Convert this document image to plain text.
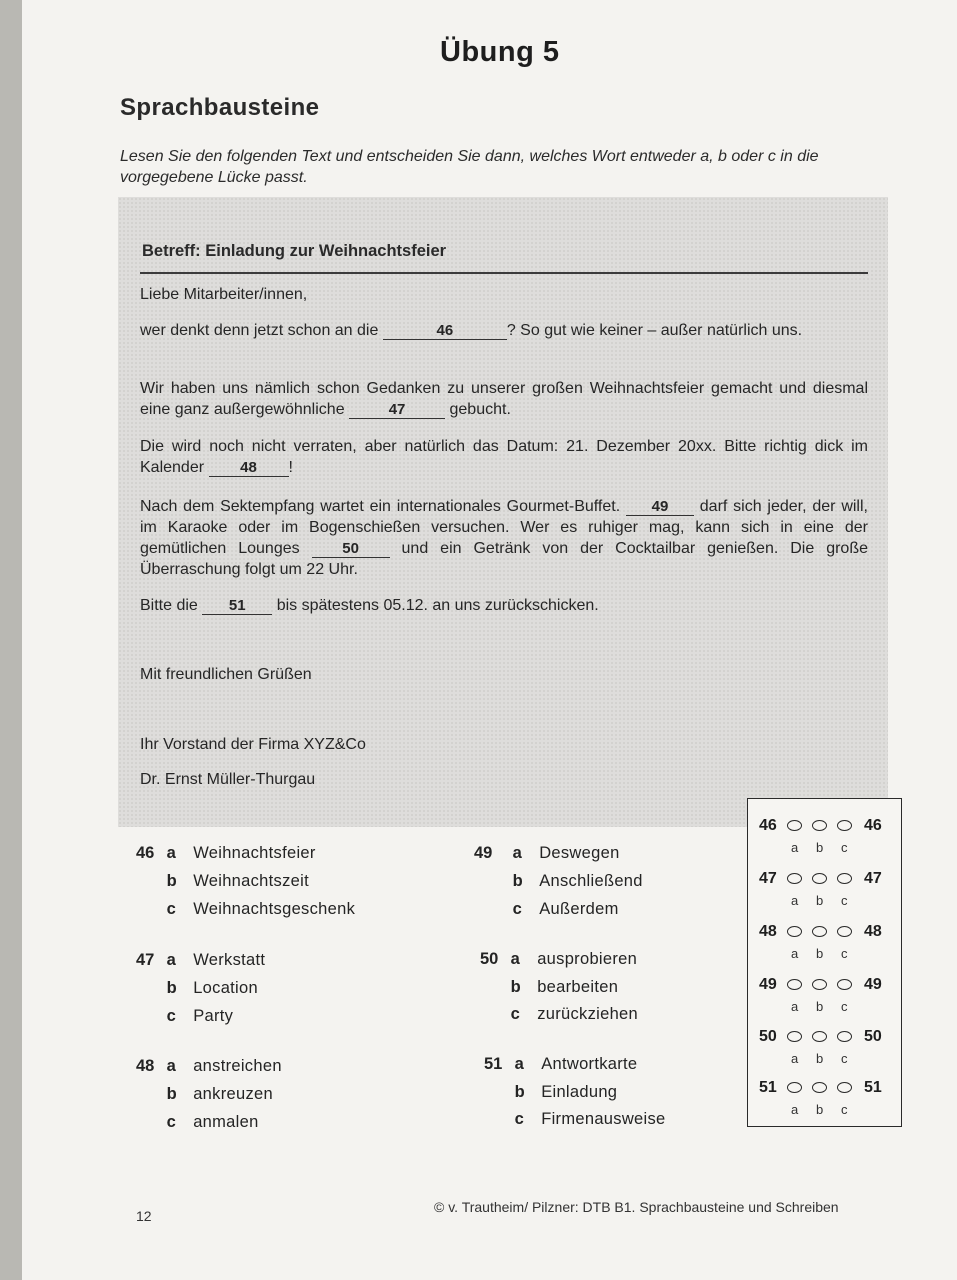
Übung 5
Sprachbausteine
Lesen Sie den folgenden Text und entscheiden Sie dann, welches Wort entweder a, b oder c in die vorgegebene Lücke passt.
Betreff: Einladung zur Weihnachtsfeier
Liebe Mitarbeiter/innen,
wer denkt denn jetzt schon an die	46	? So gut wie keiner – außer natürlich uns.
Wir haben uns nämlich schon Gedanken zu unserer großen Weihnachtsfeier gemacht und diesmal eine ganz außergewöhnliche	47	gebucht.
Die wird noch nicht verraten, aber natürlich das Datum: 21. Dezember 20xx. Bitte richtig dick im Kalender 48 !
Nach dem Sektempfang wartet ein internationales Gourmet-Buffet. 49 darf sich jeder, der will, im Karaoke oder im Bogenschießen versuchen. Wer es ruhiger mag, kann sich in eine der gemütlichen Lounges	50	und ein Getränk von der Cocktailbar genießen. Die große Überraschung folgt um 22 Uhr.
Bitte die 51 bis spätestens 05.12. an uns zurückschicken.
Mit freundlichen Grüßen
Ihr Vorstand der Firma XYZ&Co
Dr. Ernst Müller-Thurgau
46 a Weihnachtsfeier
b Weihnachtszeit
c Weihnachtsgeschenk
47 a Werkstatt
b Location
c Party
48 a anstreichen
b ankreuzen
c anmalen
49 a Deswegen
b Anschließend
c Außerdem
50 a ausprobieren
b bearbeiten
c zurückziehen
51 a Antwortkarte
b Einladung
c Firmenausweise
46	46
a b c
47	47
a b c
48	48
a b c
49	49
a b c
50	50
a b c
51	51
a b c
12
© v. Trautheim/ Pilzner: DTB B1. Sprachbausteine und Schreiben
